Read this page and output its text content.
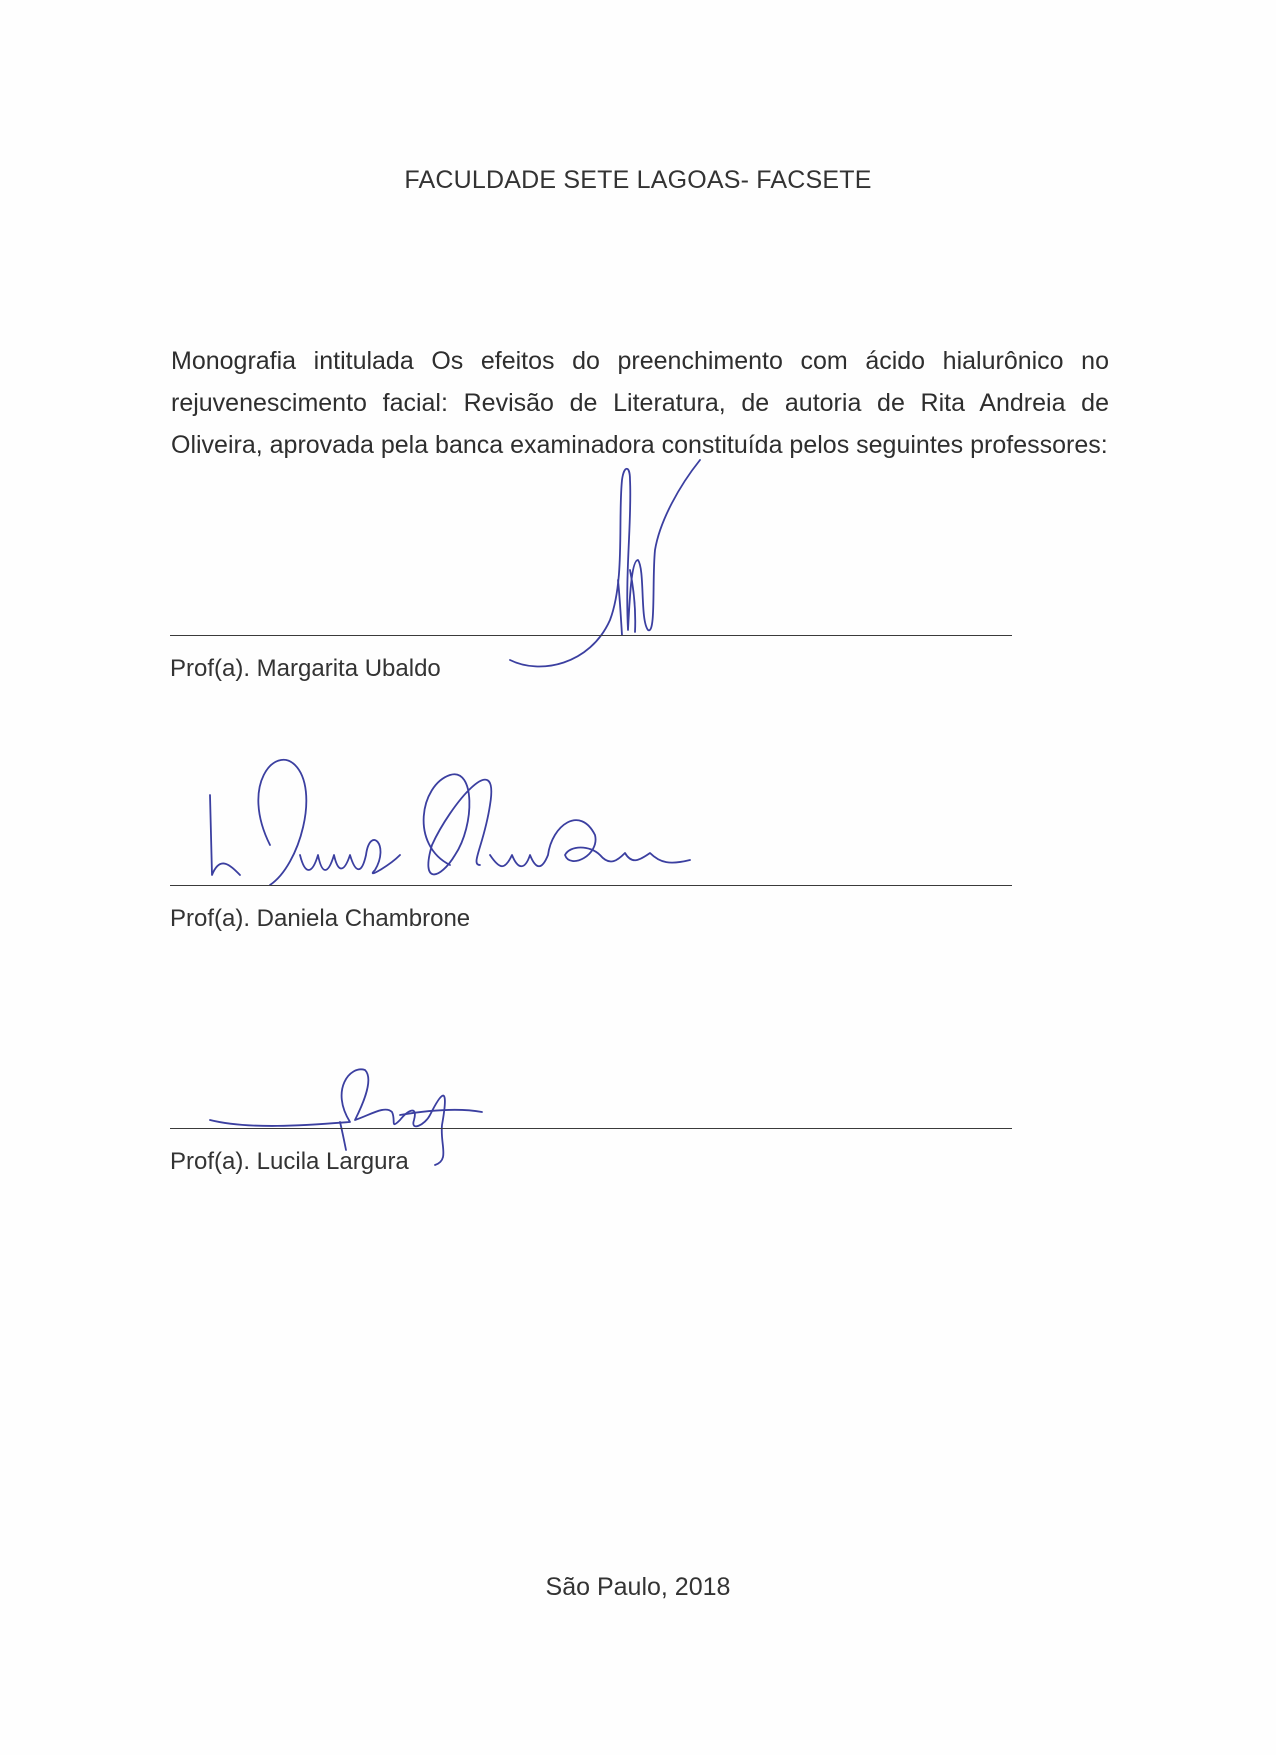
FACULDADE SETE LAGOAS- FACSETE
Monografia intitulada Os efeitos do preenchimento com ácido hialurônico no rejuvenescimento facial: Revisão de Literatura, de autoria de Rita Andreia de Oliveira, aprovada pela banca examinadora constituída pelos seguintes professores:
Prof(a). Margarita Ubaldo
Prof(a). Daniela Chambrone
Prof(a). Lucila Largura
São Paulo, 2018
